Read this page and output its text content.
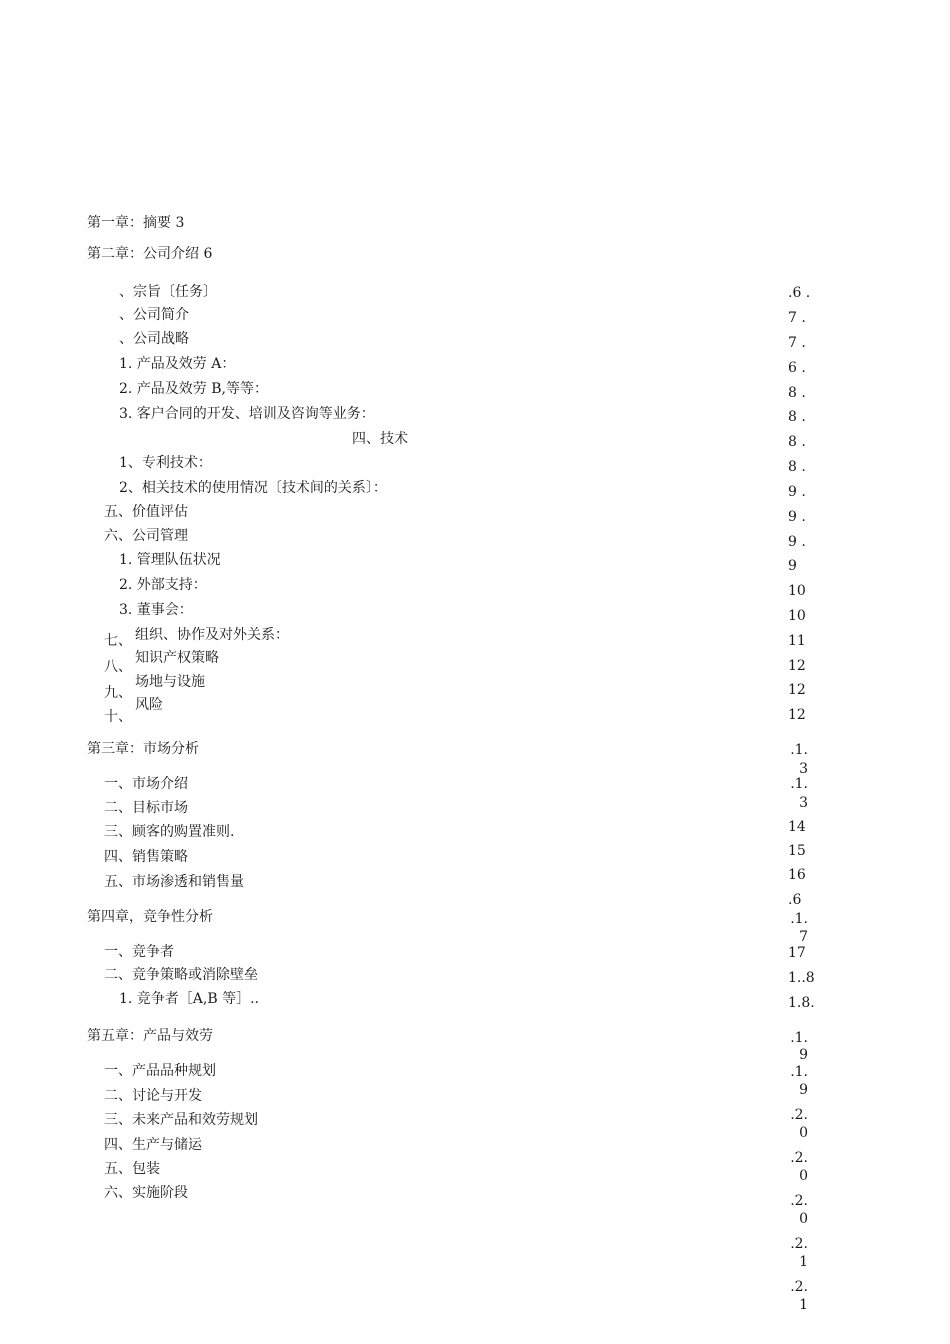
第一章：摘要 3
第二章：公司介绍 6
、宗旨〔任务〕
、公司简介
、公司战略
1. 产品及效劳 A：
2. 产品及效劳 B,等等：
3. 客户合同的开发、培训及咨询等业务：
四、技术
1、专利技术：
2、相关技术的使用情况〔技术间的关系〕：
五、价值评估
六、公司管理
1. 管理队伍状况
2. 外部支持：
3. 董事会：
七、
八、
九、
十、
组织、协作及对外关系：
知识产权策略
场地与设施
风险
.6 .
7 .
7 .
6 .
8 .
8 .
8 .
8 .
9 .
9 .
9 .
9
10
10
11
12
12
12
第三章：市场分析
一、市场介绍
二、目标市场
三、顾客的购置准则.
四、销售策略
五、市场渗透和销售量
.1.
3
.1.
3
14
15
16
.6
第四章，竞争性分析
一、竞争者
二、竞争策略或消除壁垒
1. 竞争者［A,B 等］..
.1.
7
17
1..8
1.8.
第五章：产品与效劳
一、产品品种规划
二、讨论与开发
三、未来产品和效劳规划
四、生产与储运
五、包装
六、实施阶段
.1.
9
.1.
9
.2.
0
.2.
0
.2.
0
.2.
1
.2.
1
